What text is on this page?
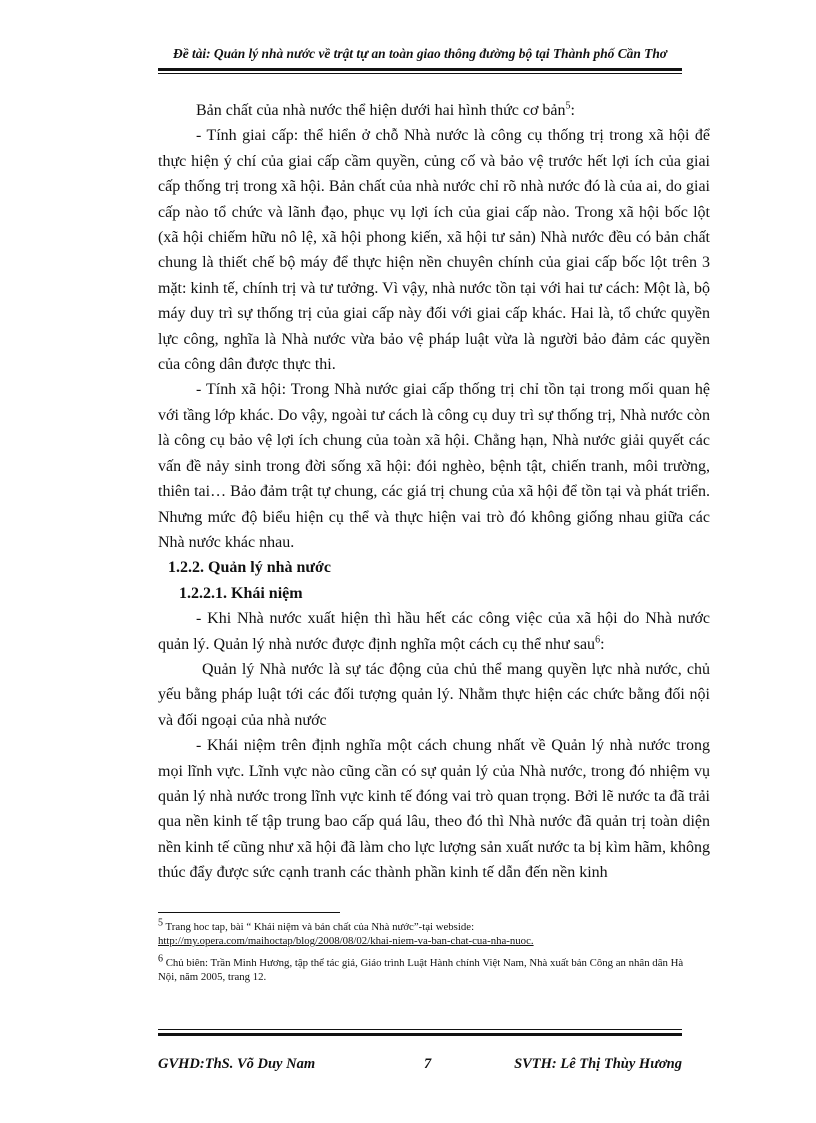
Đề tài: Quản lý nhà nước về trật tự an toàn giao thông đường bộ tại Thành phố Cần Thơ

Bản chất của nhà nước thể hiện dưới hai hình thức cơ bản$^5$:

- Tính giai cấp: thể hiển ở chỗ Nhà nước là công cụ thống trị trong xã hội để thực hiện ý chí của giai cấp cầm quyền, củng cố và bảo vệ trước hết lợi ích của giai cấp thống trị trong xã hội. Bản chất của nhà nước chỉ rõ nhà nước đó là của ai, do giai cấp nào tổ chức và lãnh đạo, phục vụ lợi ích của giai cấp nào. Trong xã hội bốc lột (xã hội chiếm hữu nô lệ, xã hội phong kiến, xã hội tư sản) Nhà nước đều có bản chất chung là thiết chế bộ máy để thực hiện nền chuyên chính của giai cấp bốc lột trên 3 mặt: kinh tế, chính trị và tư tưởng. Vì vậy, nhà nước tồn tại với hai tư cách: Một là, bộ máy duy trì sự thống trị của giai cấp này đối với giai cấp khác. Hai là, tổ chức quyền lực công, nghĩa là Nhà nước vừa bảo vệ pháp luật vừa là người bảo đảm các quyền của công dân được thực thi.

- Tính xã hội: Trong Nhà nước giai cấp thống trị chỉ tồn tại trong mối quan hệ với tầng lớp khác. Do vậy, ngoài tư cách là công cụ duy trì sự thống trị, Nhà nước còn là công cụ bảo vệ lợi ích chung của toàn xã hội. Chẳng hạn, Nhà nước giải quyết các vấn đề nảy sinh trong đời sống xã hội: đói nghèo, bệnh tật, chiến tranh, môi trường, thiên tai… Bảo đảm trật tự chung, các giá trị chung của xã hội để tồn tại và phát triển. Nhưng mức độ biểu hiện cụ thể và thực hiện vai trò đó không giống nhau giữa các Nhà nước khác nhau.

1.2.2. Quản lý nhà nước

1.2.2.1. Khái niệm

- Khi Nhà nước xuất hiện thì hầu hết các công việc của xã hội do Nhà nước quản lý. Quản lý nhà nước được định nghĩa một cách cụ thể như sau$^6$:

Quản lý Nhà nước là sự tác động của chủ thể mang quyền lực nhà nước, chủ yếu bằng pháp luật tới các đối tượng quản lý. Nhằm thực hiện các chức bằng đối nội và đối ngoại của nhà nước

- Khái niệm trên định nghĩa một cách chung nhất về Quản lý nhà nước trong mọi lĩnh vực. Lĩnh vực nào cũng cần có sự quản lý của Nhà nước, trong đó nhiệm vụ quản lý nhà nước trong lĩnh vực kinh tế đóng vai trò quan trọng. Bởi lẽ nước ta đã trải qua nền kinh tế tập trung bao cấp quá lâu, theo đó thì Nhà nước đã quản trị toàn diện nền kinh tế cũng như xã hội đã làm cho lực lượng sản xuất nước ta bị kìm hãm, không thúc đẩy được sức cạnh tranh các thành phần kinh tế dẫn đến nền kinh

$^5$ Trang hoc tap, bài “ Khái niệm và bản chất của Nhà nước”-tại webside:
http://my.opera.com/maihoctap/blog/2008/08/02/khai-niem-va-ban-chat-cua-nha-nuoc.

$^6$ Chủ biên: Trần Minh Hương, tập thể tác giả, Giáo trình Luật Hành chính Việt Nam, Nhà xuất bản Công an nhân dân Hà Nội, năm 2005, trang 12.

GVHD:ThS. Võ Duy Nam	7	SVTH: Lê Thị Thùy Hương
